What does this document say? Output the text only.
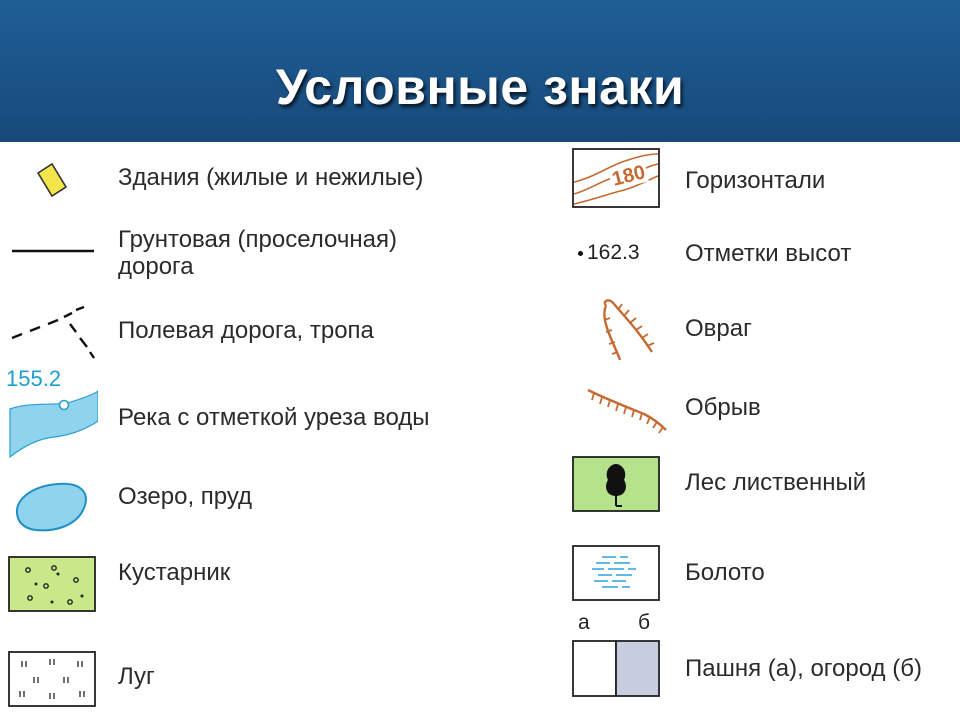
Условные знаки
Здания (жилые и нежилые)
Грунтовая (проселочная) дорога
Полевая дорога, тропа
155.2
Река с отметкой уреза воды
Озеро, пруд
Кустарник
Луг
180 Горизонтали
162.3 Отметки высот
Овраг
Обрыв
Лес лиственный
Болото
а б
Пашня (а), огород (б)
